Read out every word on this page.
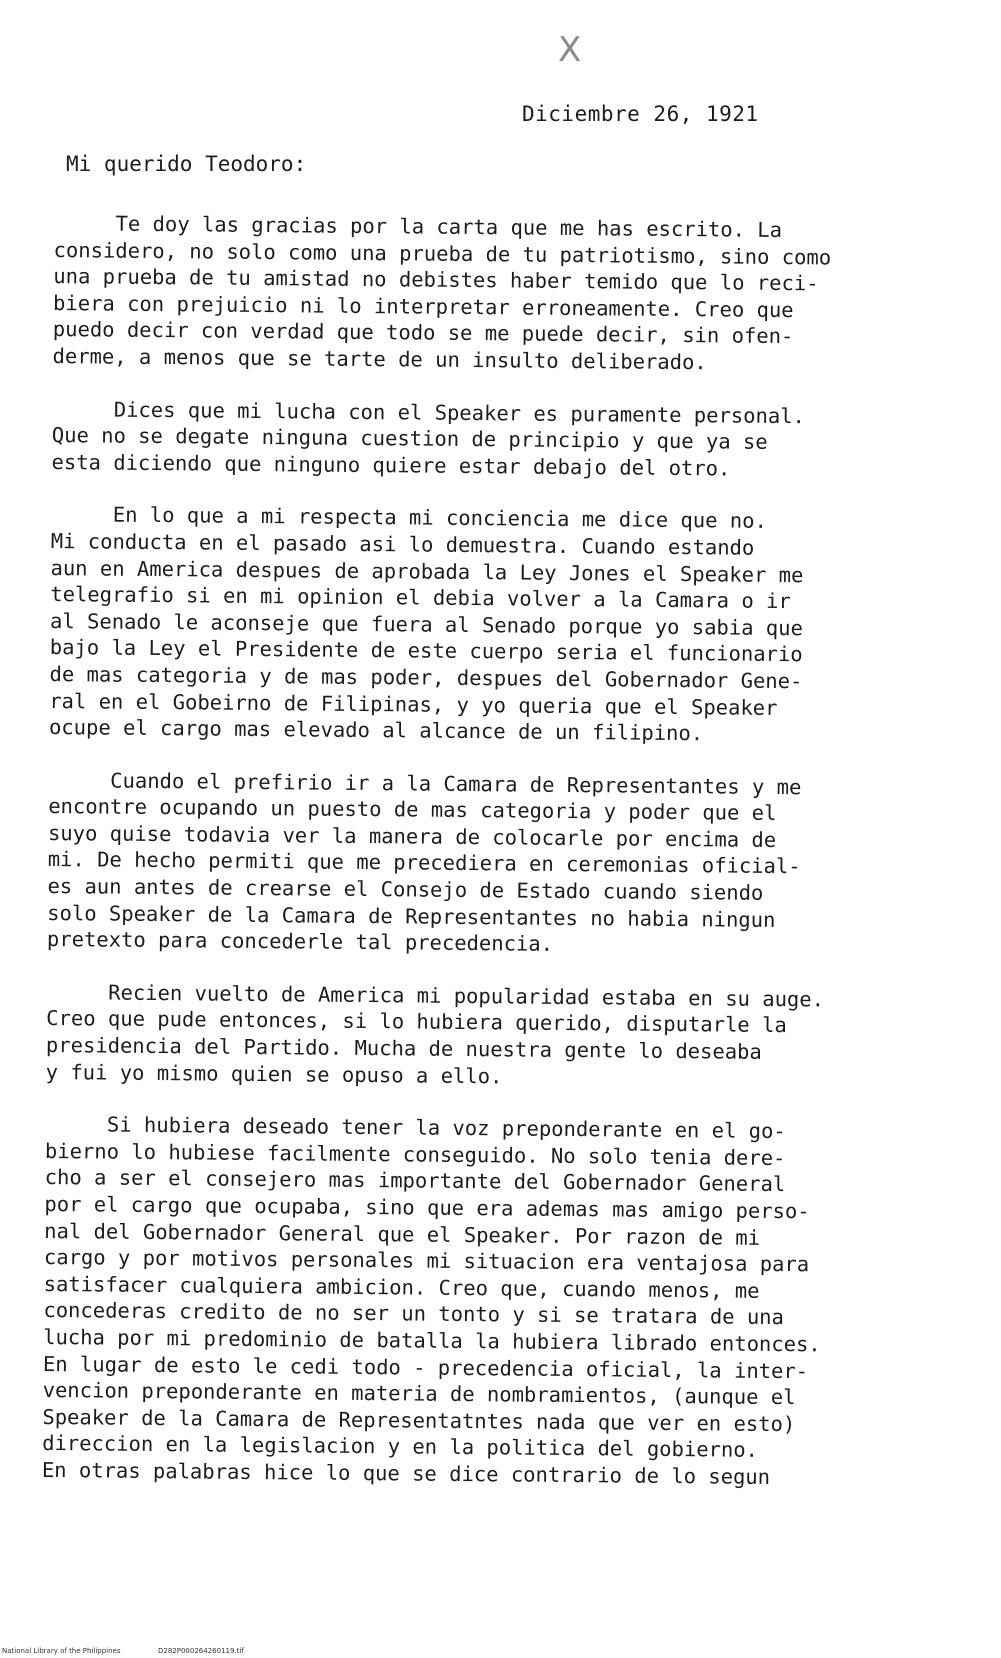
X
Diciembre 26, 1921
Mi querido Teodoro:
Te doy las gracias por la carta que me has escrito. La
considero, no solo como una prueba de tu patriotismo, sino como
una prueba de tu amistad no debistes haber temido que lo reci-
biera con prejuicio ni lo interpretar erroneamente. Creo que
puedo decir con verdad que todo se me puede decir, sin ofen-
derme, a menos que se tarte de un insulto deliberado.
Dices que mi lucha con el Speaker es puramente personal.
Que no se degate ninguna cuestion de principio y que ya se
esta diciendo que ninguno quiere estar debajo del otro.
En lo que a mi respecta mi conciencia me dice que no.
Mi conducta en el pasado asi lo demuestra. Cuando estando
aun en America despues de aprobada la Ley Jones el Speaker me
telegrafio si en mi opinion el debia volver a la Camara o ir
al Senado le aconseje que fuera al Senado porque yo sabia que
bajo la Ley el Presidente de este cuerpo seria el funcionario
de mas categoria y de mas poder, despues del Gobernador Gene-
ral en el Gobeirno de Filipinas, y yo queria que el Speaker
ocupe el cargo mas elevado al alcance de un filipino.
Cuando el prefirio ir a la Camara de Representantes y me
encontre ocupando un puesto de mas categoria y poder que el
suyo quise todavia ver la manera de colocarle por encima de
mi. De hecho permiti que me precediera en ceremonias oficial-
es aun antes de crearse el Consejo de Estado cuando siendo
solo Speaker de la Camara de Representantes no habia ningun
pretexto para concederle tal precedencia.
Recien vuelto de America mi popularidad estaba en su auge.
Creo que pude entonces, si lo hubiera querido, disputarle la
presidencia del Partido. Mucha de nuestra gente lo deseaba
y fui yo mismo quien se opuso a ello.
Si hubiera deseado tener la voz preponderante en el go-
bierno lo hubiese facilmente conseguido. No solo tenia dere-
cho a ser el consejero mas importante del Gobernador General
por el cargo que ocupaba, sino que era ademas mas amigo perso-
nal del Gobernador General que el Speaker. Por razon de mi
cargo y por motivos personales mi situacion era ventajosa para
satisfacer cualquiera ambicion. Creo que, cuando menos, me
concederas credito de no ser un tonto y si se tratara de una
lucha por mi predominio de batalla la hubiera librado entonces.
En lugar de esto le cedi todo - precedencia oficial, la inter-
vencion preponderante en materia de nombramientos, (aunque el
Speaker de la Camara de Representatntes nada que ver en esto)
direccion en la legislacion y en la politica del gobierno.
En otras palabras hice lo que se dice contrario de lo segun
National Library of the Philippines	D282P000264260119.tif
